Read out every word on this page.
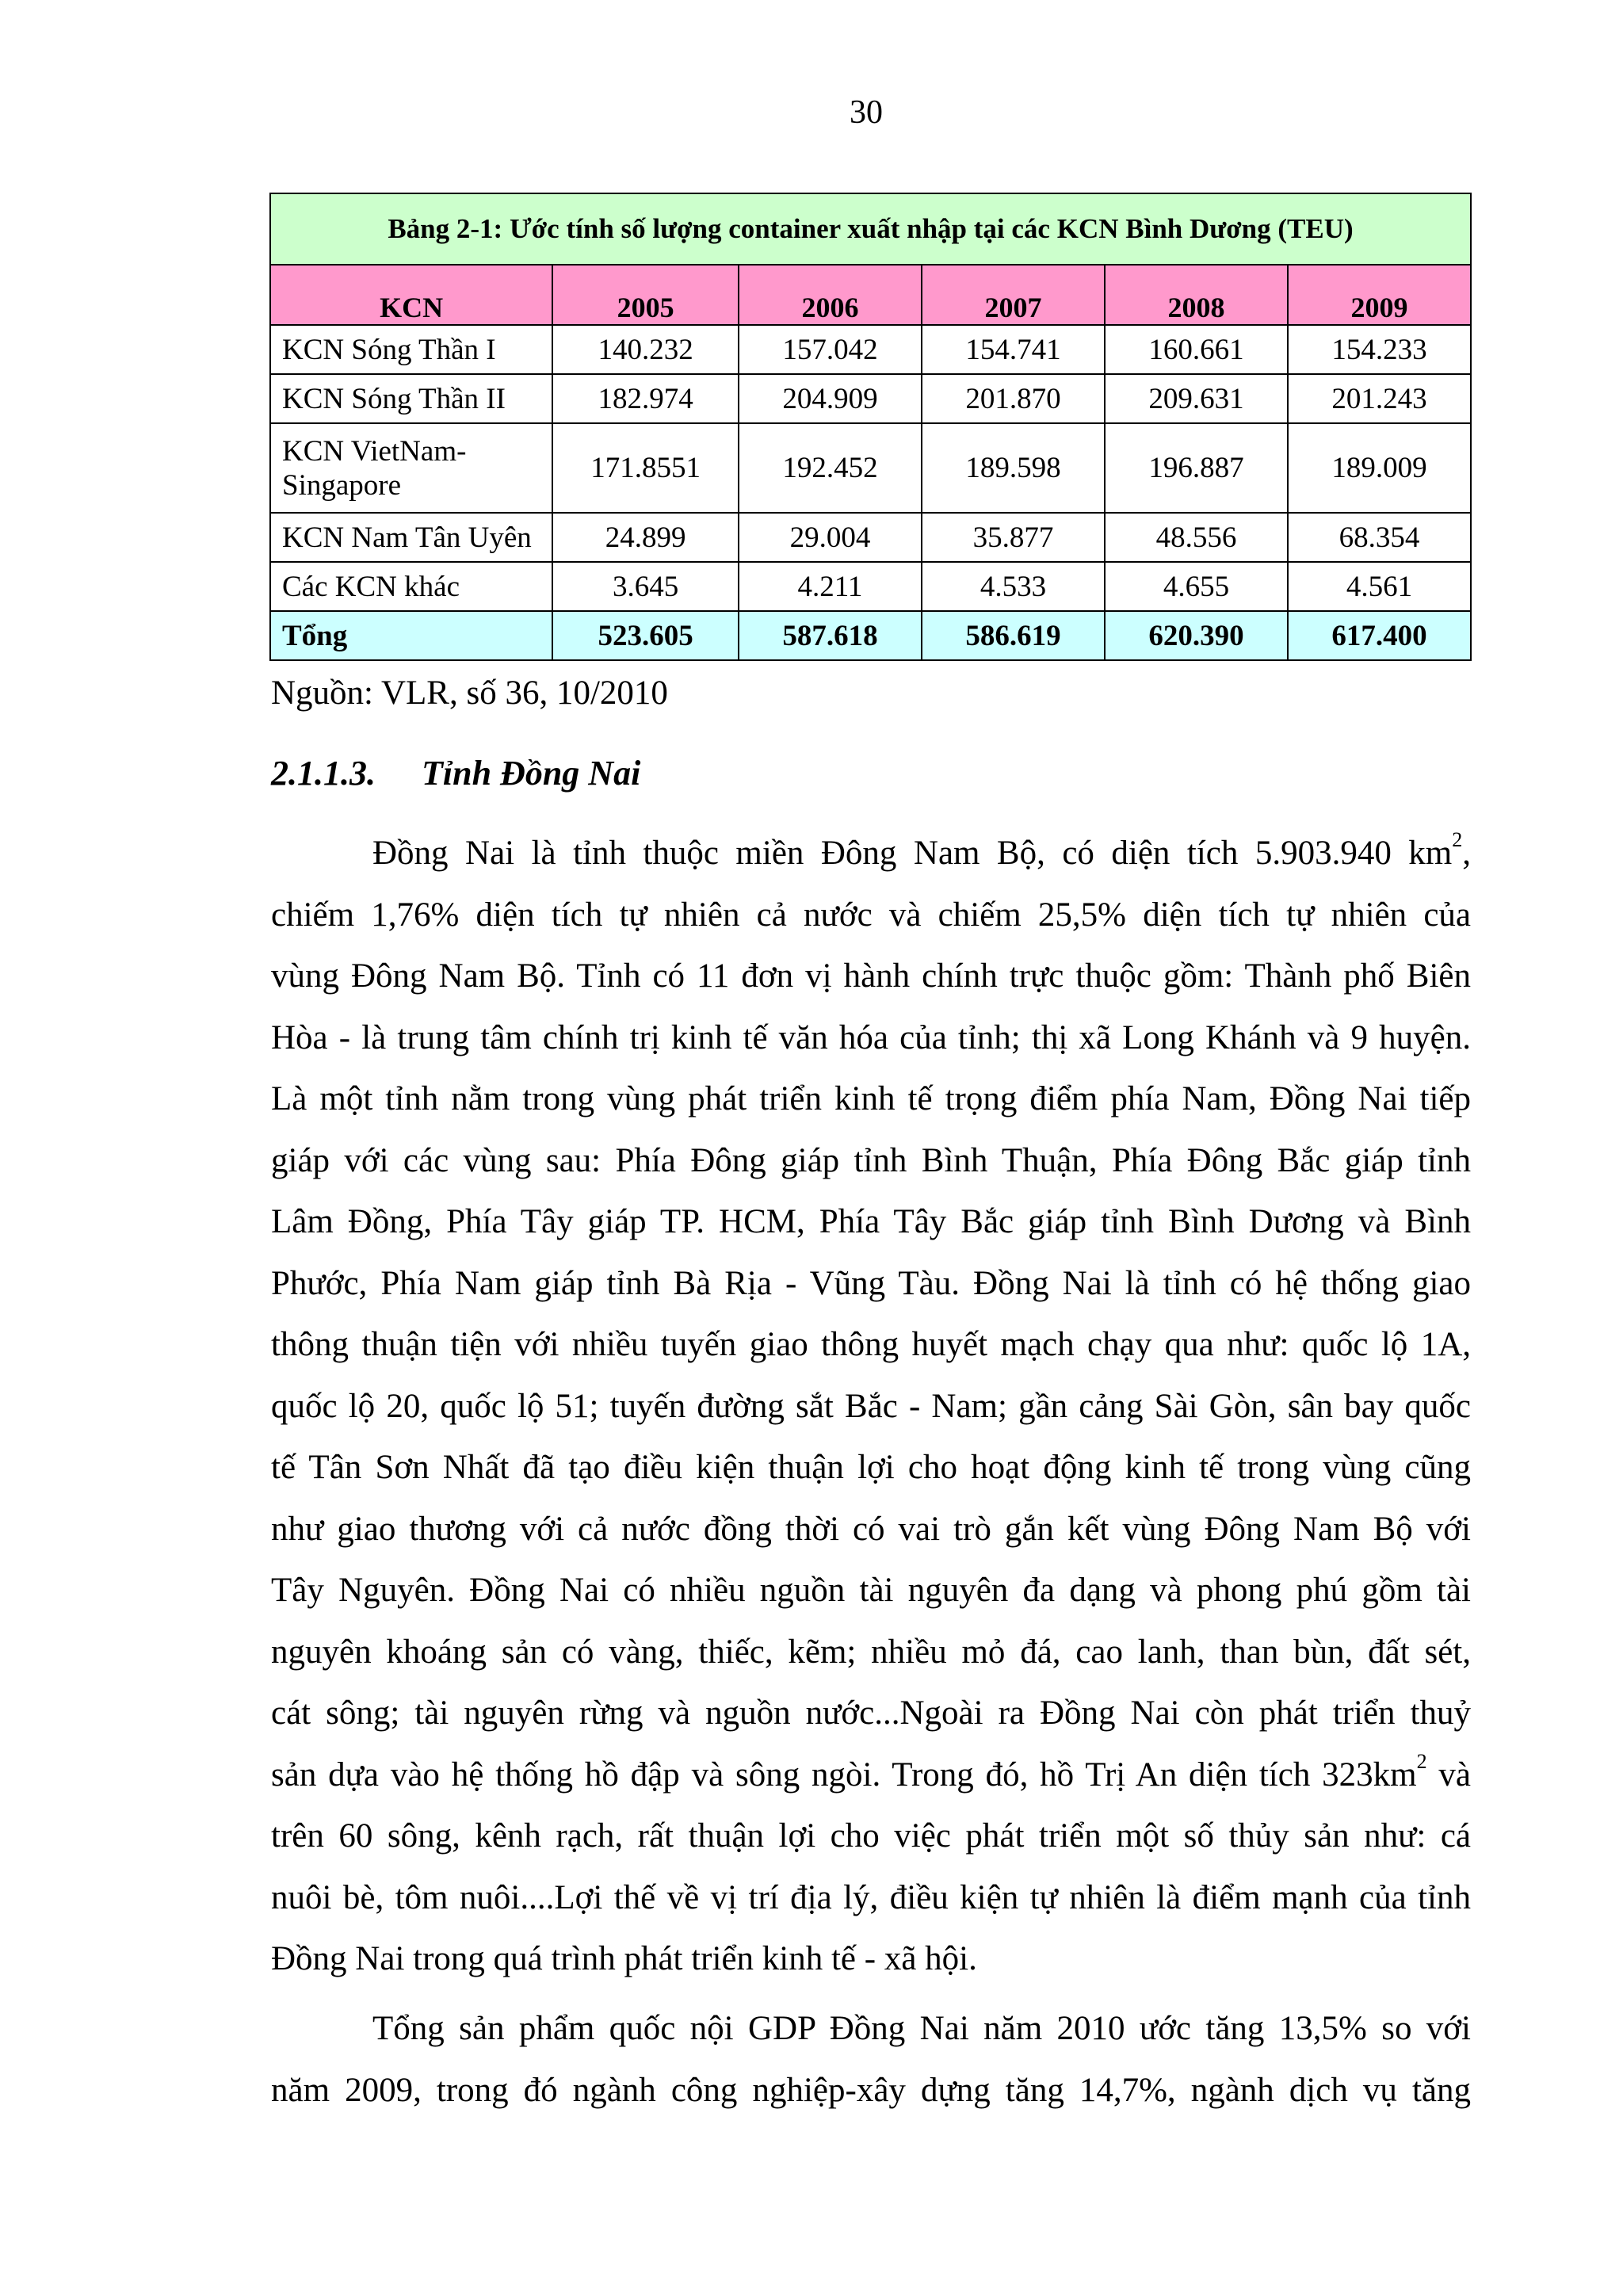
30
Bảng 2-1: Ước tính số lượng container xuất nhập tại các KCN Bình Dương (TEU)					
KCN	2005	2006	2007	2008	2009
KCN Sóng Thần I	140.232	157.042	154.741	160.661	154.233
KCN Sóng Thần II	182.974	204.909	201.870	209.631	201.243
KCN VietNam-
Singapore	171.8551	192.452	189.598	196.887	189.009
KCN Nam Tân Uyên	24.899	29.004	35.877	48.556	68.354
Các KCN khác	3.645	4.211	4.533	4.655	4.561
Tổng	523.605	587.618	586.619	620.390	617.400
Nguồn: VLR, số 36, 10/2010
2.1.1.3. Tỉnh Đồng Nai
Đồng Nai là tỉnh thuộc miền Đông Nam Bộ, có diện tích 5.903.940 $km^2$,
chiếm 1,76% diện tích tự nhiên cả nước và chiếm 25,5% diện tích tự nhiên của
vùng Đông Nam Bộ. Tỉnh có 11 đơn vị hành chính trực thuộc gồm: Thành phố Biên
Hòa - là trung tâm chính trị kinh tế văn hóa của tỉnh; thị xã Long Khánh và 9 huyện.
Là một tỉnh nằm trong vùng phát triển kinh tế trọng điểm phía Nam, Đồng Nai tiếp
giáp với các vùng sau: Phía Đông giáp tỉnh Bình Thuận, Phía Đông Bắc giáp tỉnh
Lâm Đồng, Phía Tây giáp TP. HCM, Phía Tây Bắc giáp tỉnh Bình Dương và Bình
Phước, Phía Nam giáp tỉnh Bà Rịa - Vũng Tàu. Đồng Nai là tỉnh có hệ thống giao
thông thuận tiện với nhiều tuyến giao thông huyết mạch chạy qua như: quốc lộ 1A,
quốc lộ 20, quốc lộ 51; tuyến đường sắt Bắc - Nam; gần cảng Sài Gòn, sân bay quốc
tế Tân Sơn Nhất đã tạo điều kiện thuận lợi cho hoạt động kinh tế trong vùng cũng
như giao thương với cả nước đồng thời có vai trò gắn kết vùng Đông Nam Bộ với
Tây Nguyên. Đồng Nai có nhiều nguồn tài nguyên đa dạng và phong phú gồm tài
nguyên khoáng sản có vàng, thiếc, kẽm; nhiều mỏ đá, cao lanh, than bùn, đất sét,
cát sông; tài nguyên rừng và nguồn nước...Ngoài ra Đồng Nai còn phát triển thuỷ
sản dựa vào hệ thống hồ đập và sông ngòi. Trong đó, hồ Trị An diện tích $323km^2$ và
trên 60 sông, kênh rạch, rất thuận lợi cho việc phát triển một số thủy sản như: cá
nuôi bè, tôm nuôi....Lợi thế về vị trí địa lý, điều kiện tự nhiên là điểm mạnh của tỉnh
Đồng Nai trong quá trình phát triển kinh tế - xã hội.
Tổng sản phẩm quốc nội GDP Đồng Nai năm 2010 ước tăng 13,5% so với
năm 2009, trong đó ngành công nghiệp-xây dựng tăng 14,7%, ngành dịch vụ tăng
